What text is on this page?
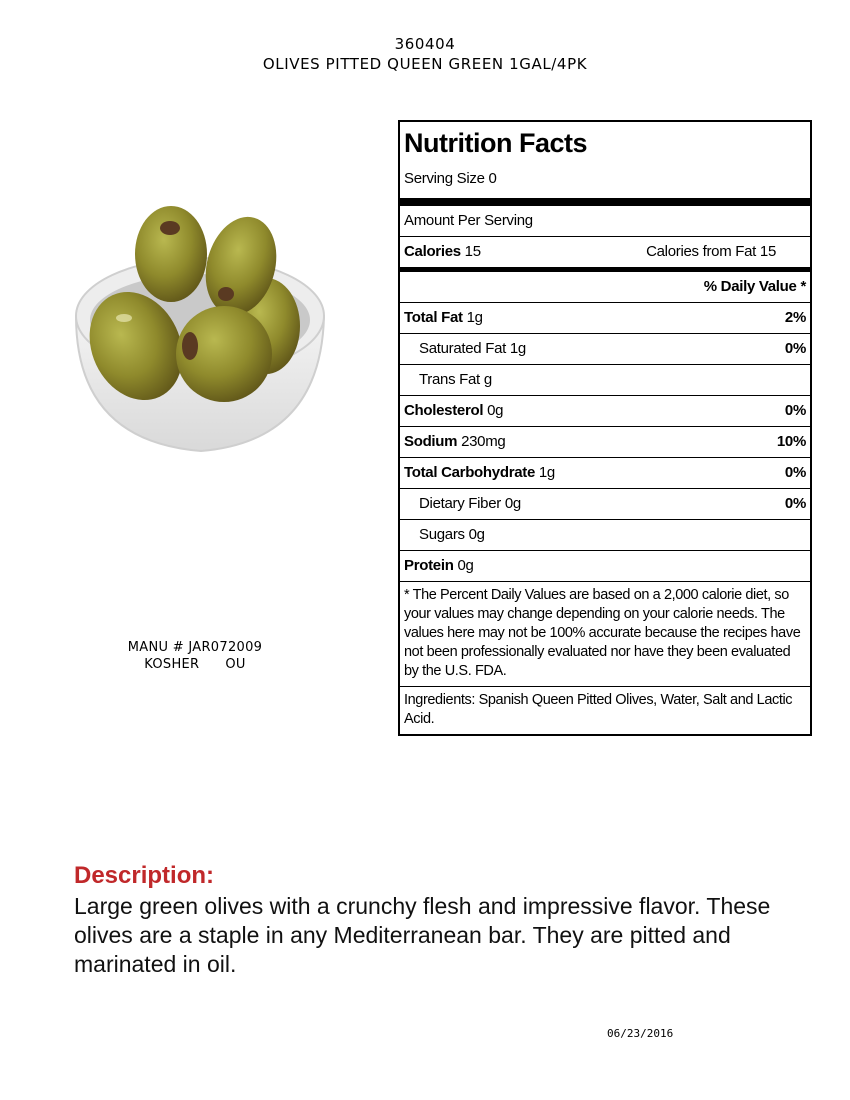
360404
OLIVES PITTED QUEEN GREEN 1GAL/4PK
MANU # JAR072009
KOSHER OU
Nutrition Facts
Serving Size 0
Amount Per Serving
Calories 15	Calories from Fat 15
% Daily Value *
Total Fat 1g	2%
Saturated Fat 1g	0%
Trans Fat g
Cholesterol 0g	0%
Sodium 230mg	10%
Total Carbohydrate 1g	0%
Dietary Fiber 0g	0%
Sugars 0g
Protein 0g
* The Percent Daily Values are based on a 2,000 calorie diet, so your values may change depending on your calorie needs. The values here may not be 100% accurate because the recipes have not been professionally evaluated nor have they been evaluated by the U.S. FDA.
Ingredients: Spanish Queen Pitted Olives, Water, Salt and Lactic Acid.
Description:
Large green olives with a crunchy flesh and impressive flavor. These olives are a staple in any Mediterranean bar. They are pitted and marinated in oil.
06/23/2016
